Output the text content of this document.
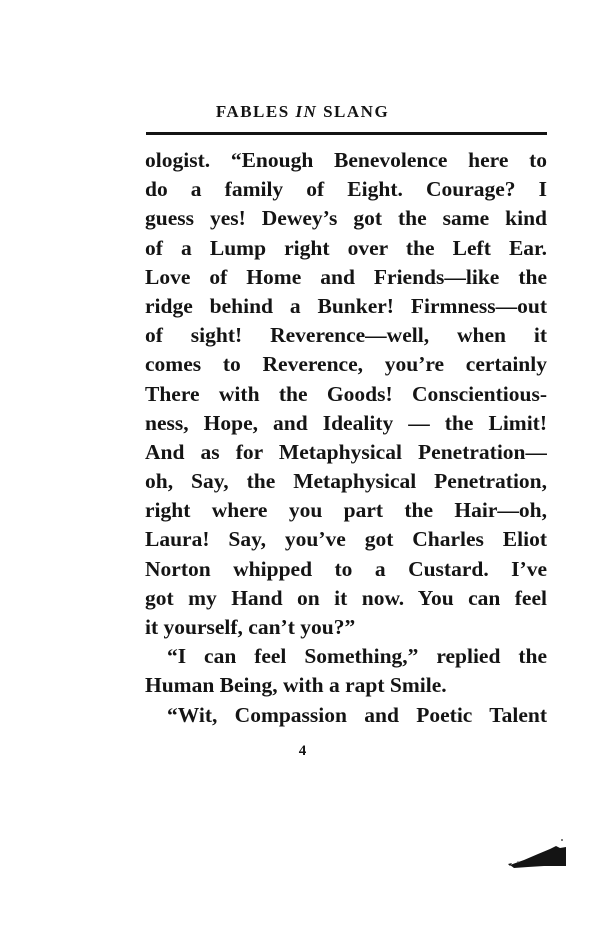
FABLES IN SLANG
ologist. “Enough Benevolence here to
do a family of Eight. Courage? I
guess yes! Dewey’s got the same kind
of a Lump right over the Left Ear.
Love of Home and Friends—like the
ridge behind a Bunker! Firmness—out
of sight! Reverence—well, when it
comes to Reverence, you’re certainly
There with the Goods! Conscientious-
ness, Hope, and Ideality — the Limit!
And as for Metaphysical Penetration—
oh, Say, the Metaphysical Penetration,
right where you part the Hair—oh,
Laura! Say, you’ve got Charles Eliot
Norton whipped to a Custard. I’ve
got my Hand on it now. You can feel
it yourself, can’t you?”
“I can feel Something,” replied the
Human Being, with a rapt Smile.
“Wit, Compassion and Poetic Talent
4
